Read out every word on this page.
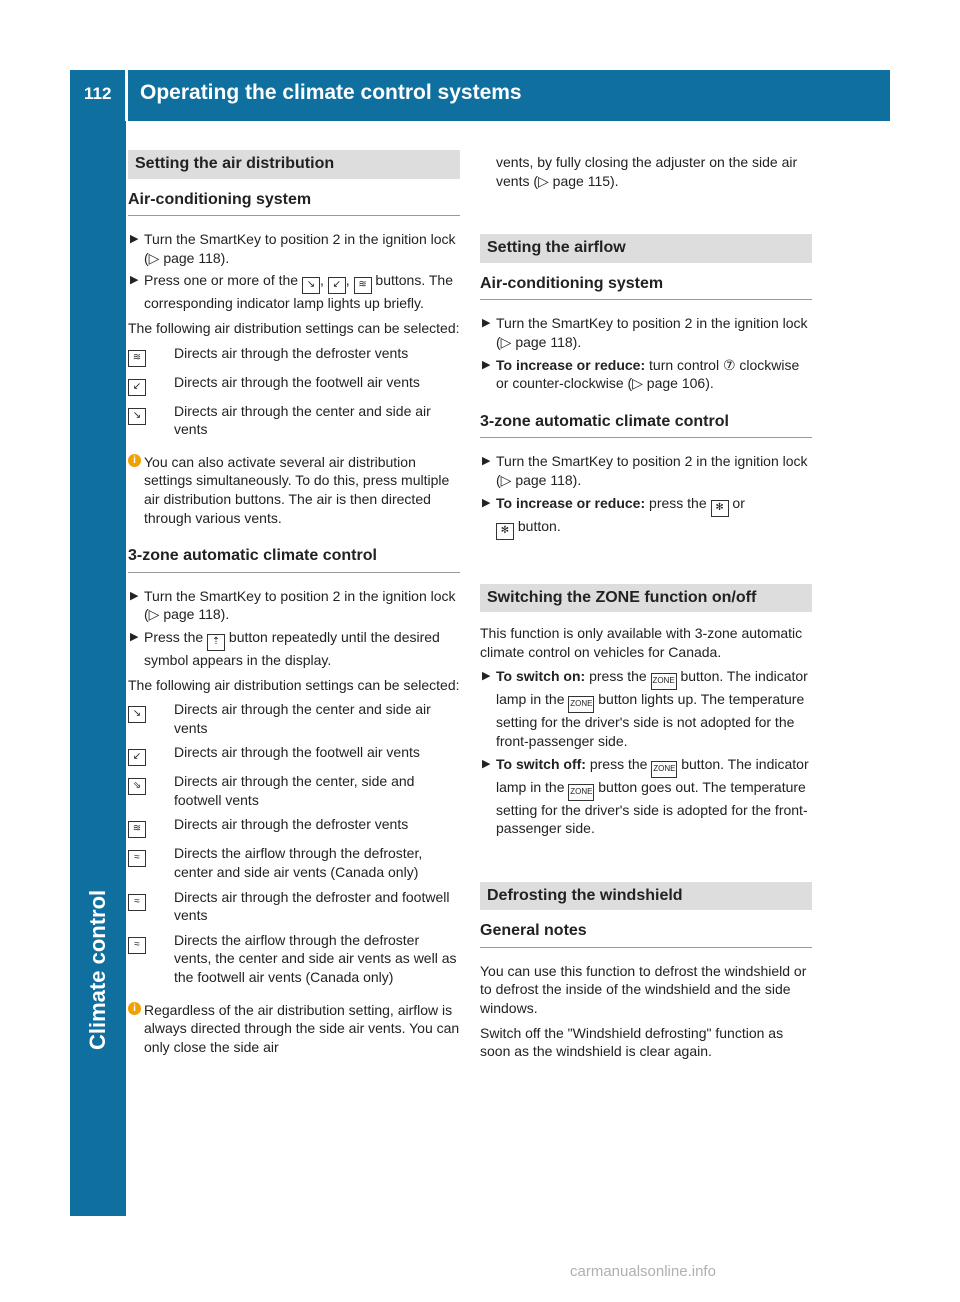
112 Operating the climate control systems
Climate control
Setting the air distribution
Air-conditioning system
▶ Turn the SmartKey to position 2 in the ignition lock (▷ page 118).
▶ Press one or more of the ↘ , ↙ , ≋ buttons. The corresponding indicator lamp lights up briefly.
The following air distribution settings can be selected:
≋	Directs air through the defroster vents
↙	Directs air through the footwell air vents
↘	Directs air through the center and side air vents
i You can also activate several air distribution settings simultaneously. To do this, press multiple air distribution buttons. The air is then directed through various vents.
3-zone automatic climate control
▶ Turn the SmartKey to position 2 in the ignition lock (▷ page 118).
▶ Press the ⇡ button repeatedly until the desired symbol appears in the display.
The following air distribution settings can be selected:
↘	Directs air through the center and side air vents
↙	Directs air through the footwell air vents
⇘	Directs air through the center, side and footwell vents
≋	Directs air through the defroster vents
≈	Directs the airflow through the defroster, center and side air vents (Canada only)
≈	Directs air through the defroster and footwell vents
≈	Directs the airflow through the defroster vents, the center and side air vents as well as the footwell air vents (Canada only)
i Regardless of the air distribution setting, airflow is always directed through the side air vents. You can only close the side air
vents, by fully closing the adjuster on the side air vents (▷ page 115).
Setting the airflow
Air-conditioning system
▶ Turn the SmartKey to position 2 in the ignition lock (▷ page 118).
▶ To increase or reduce: turn control ⑦ clockwise or counter-clockwise (▷ page 106).
3-zone automatic climate control
▶ Turn the SmartKey to position 2 in the ignition lock (▷ page 118).
▶ To increase or reduce: press the ✻ or
✻ button.
Switching the ZONE function on/off
This function is only available with 3-zone automatic climate control on vehicles for Canada.
▶ To switch on: press the ZONE button. The indicator lamp in the ZONE button lights up. The temperature setting for the driver's side is not adopted for the front-passenger side.
▶ To switch off: press the ZONE button. The indicator lamp in the ZONE button goes out. The temperature setting for the driver's side is adopted for the front-passenger side.
Defrosting the windshield
General notes
You can use this function to defrost the windshield or to defrost the inside of the windshield and the side windows.
Switch off the "Windshield defrosting" function as soon as the windshield is clear again.
carmanualsonline.info
